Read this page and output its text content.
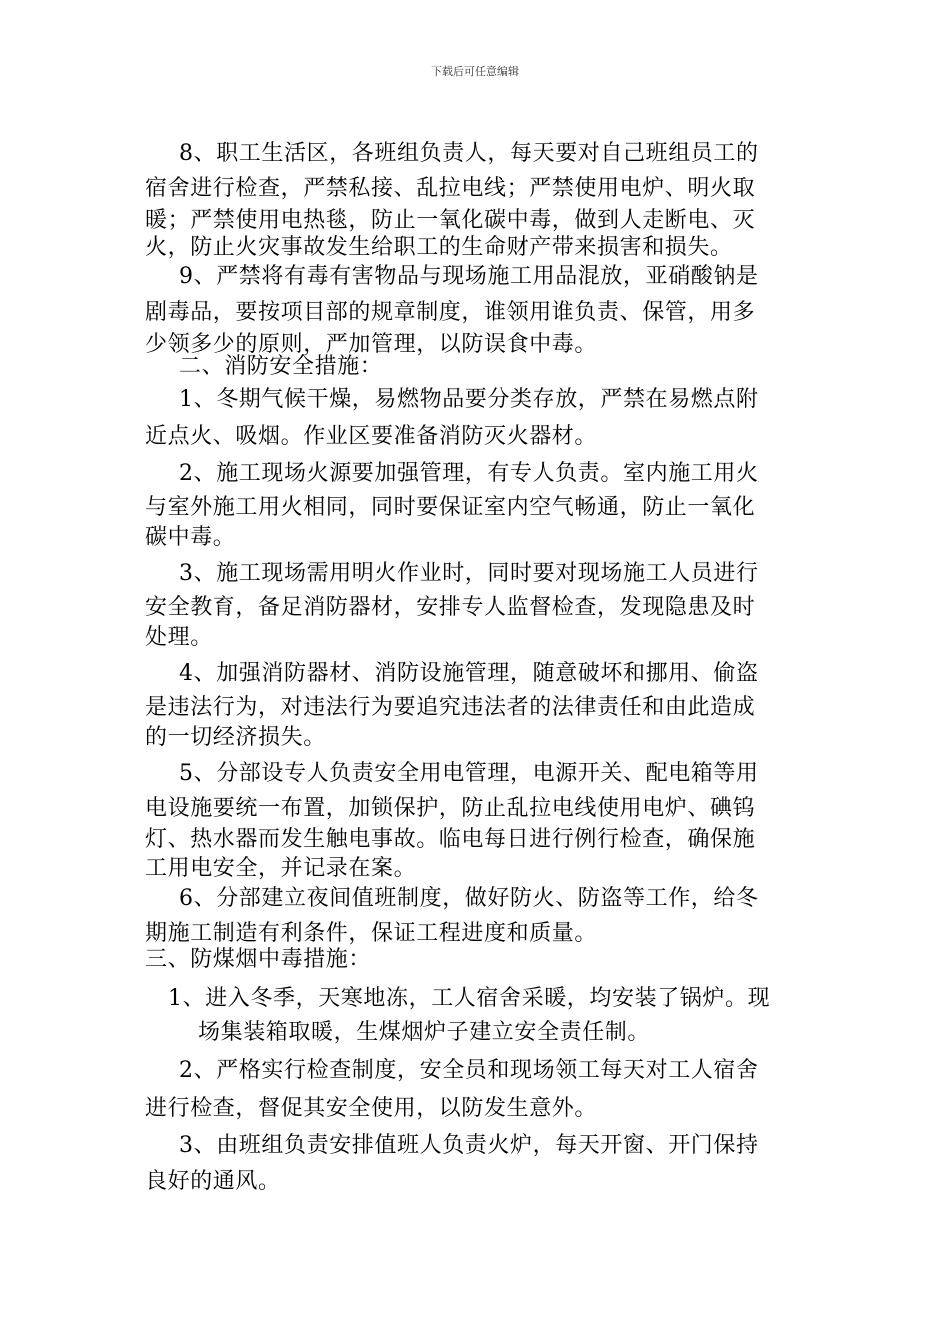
下载后可任意编辑
8、职工生活区，各班组负责人，每天要对自己班组员工的
宿舍进行检查，严禁私接、乱拉电线；严禁使用电炉、明火取
暖；严禁使用电热毯，防止一氧化碳中毒，做到人走断电、灭
火，防止火灾事故发生给职工的生命财产带来损害和损失。
9、严禁将有毒有害物品与现场施工用品混放，亚硝酸钠是
剧毒品，要按项目部的规章制度，谁领用谁负责、保管，用多
少领多少的原则，严加管理，以防误食中毒。
二、消防安全措施：
1、冬期气候干燥，易燃物品要分类存放，严禁在易燃点附
近点火、吸烟。作业区要准备消防灭火器材。
2、施工现场火源要加强管理，有专人负责。室内施工用火
与室外施工用火相同，同时要保证室内空气畅通，防止一氧化
碳中毒。
3、施工现场需用明火作业时，同时要对现场施工人员进行
安全教育，备足消防器材，安排专人监督检查，发现隐患及时
处理。
4、加强消防器材、消防设施管理，随意破坏和挪用、偷盗
是违法行为，对违法行为要追究违法者的法律责任和由此造成
的一切经济损失。
5、分部设专人负责安全用电管理，电源开关、配电箱等用
电设施要统一布置，加锁保护，防止乱拉电线使用电炉、碘钨
灯、热水器而发生触电事故。临电每日进行例行检查，确保施
工用电安全，并记录在案。
6、分部建立夜间值班制度，做好防火、防盗等工作，给冬
期施工制造有利条件，保证工程进度和质量。
三、防煤烟中毒措施：
1、进入冬季，天寒地冻，工人宿舍采暖，均安装了锅炉。现
场集装箱取暖，生煤烟炉子建立安全责任制。
2、严格实行检查制度，安全员和现场领工每天对工人宿舍
进行检查，督促其安全使用，以防发生意外。
3、由班组负责安排值班人负责火炉，每天开窗、开门保持
良好的通风。
